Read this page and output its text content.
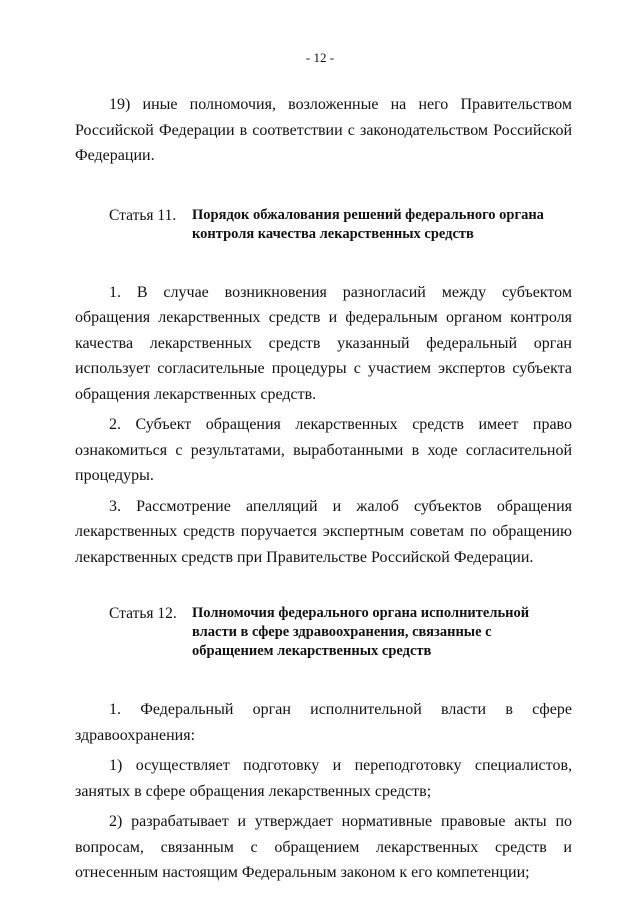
- 12 -

19) иные полномочия, возложенные на него Правительством Российской Федерации в соответствии с законодательством Российской Федерации.

Статья 11.	Порядок обжалования решений федерального органа контроля качества лекарственных средств

1. В случае возникновения разногласий между субъектом обращения лекарственных средств и федеральным органом контроля качества лекарственных средств указанный федеральный орган использует согласительные процедуры с участием экспертов субъекта обращения лекарственных средств.

2. Субъект обращения лекарственных средств имеет право ознакомиться с результатами, выработанными в ходе согласительной процедуры.

3. Рассмотрение апелляций и жалоб субъектов обращения лекарственных средств поручается экспертным советам по обращению лекарственных средств при Правительстве Российской Федерации.

Статья 12.	Полномочия федерального органа исполнительной власти в сфере здравоохранения, связанные с обращением лекарственных средств

1. Федеральный орган исполнительной власти в сфере здравоохранения:

1) осуществляет подготовку и переподготовку специалистов, занятых в сфере обращения лекарственных средств;

2) разрабатывает и утверждает нормативные правовые акты по вопросам, связанным с обращением лекарственных средств и отнесенным настоящим Федеральным законом к его компетенции;
